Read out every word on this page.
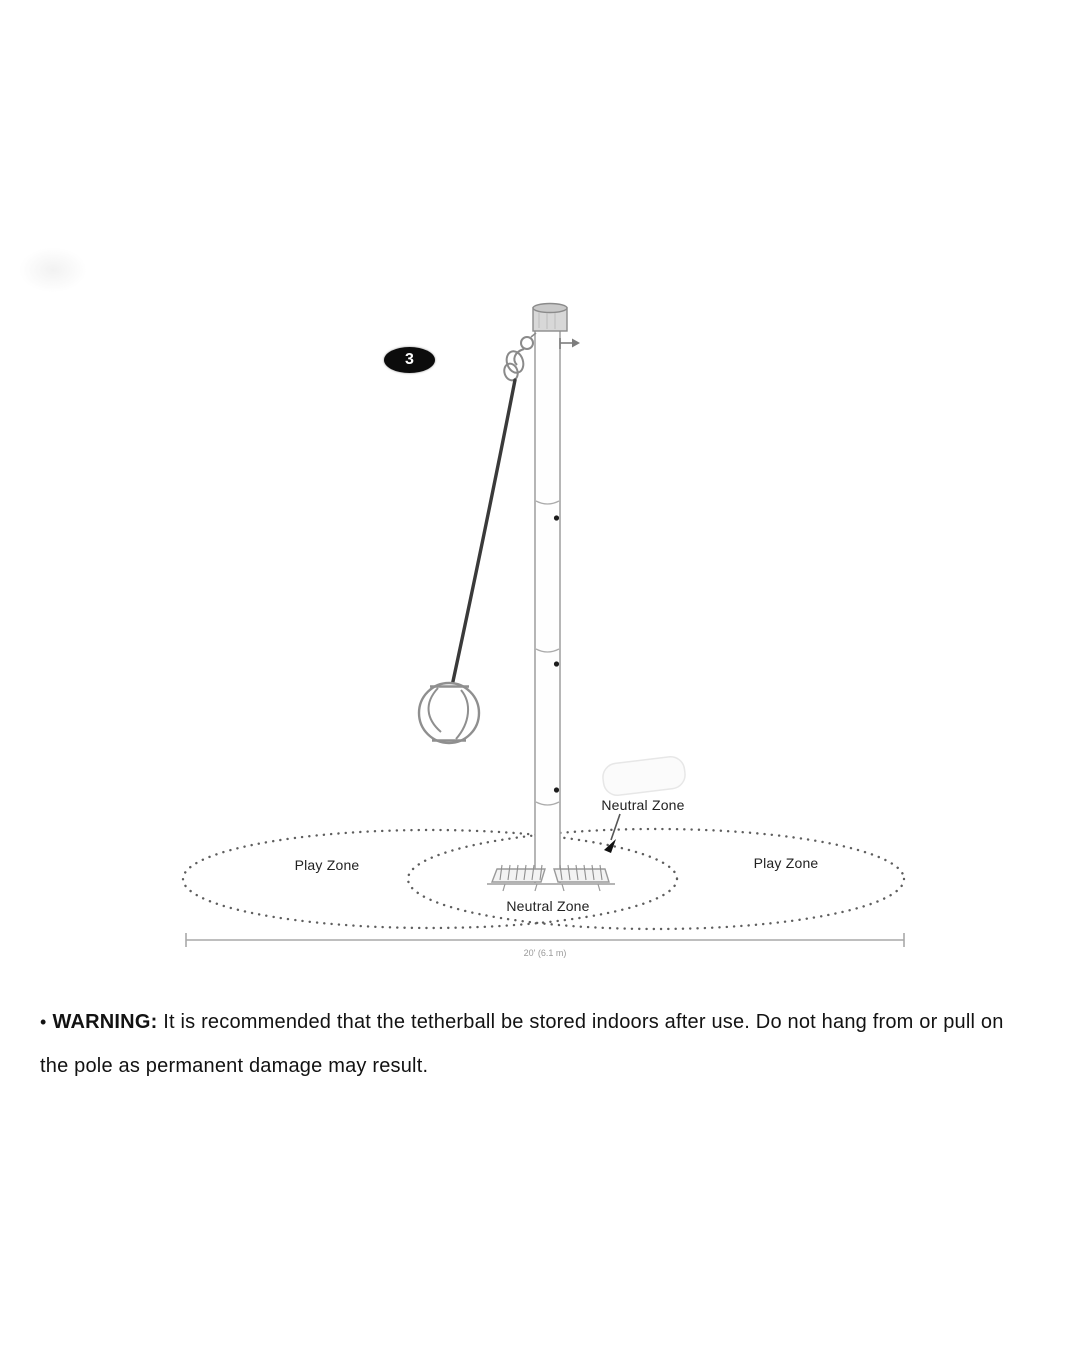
3
Play Zone	Play Zone
Neutral Zone
Neutral Zone
20' (6.1 m)

• WARNING: It is recommended that the tetherball be stored indoors after use. Do not hang from or pull on the pole as permanent damage may result.
